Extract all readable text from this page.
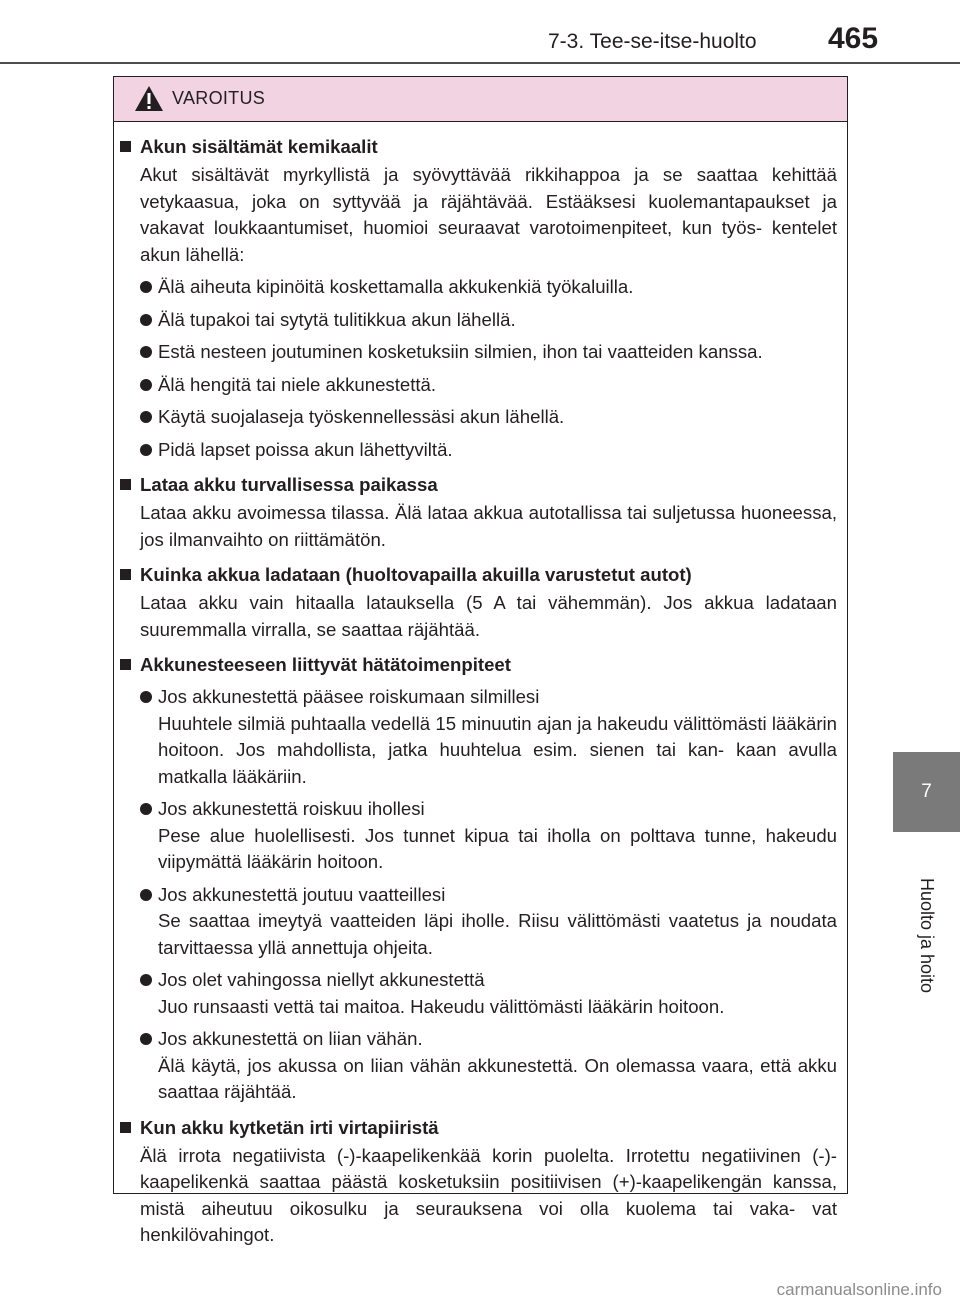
7-3. Tee-se-itse-huolto 465
7
Huolto ja hoito
VAROITUS
Akun sisältämät kemikaalit
Akut sisältävät myrkyllistä ja syövyttävää rikkihappoa ja se saattaa kehittää vetykaasua, joka on syttyvää ja räjähtävää. Estääksesi kuolemantapaukset ja vakavat loukkaantumiset, huomioi seuraavat varotoimenpiteet, kun työs- kentelet akun lähellä:
Älä aiheuta kipinöitä koskettamalla akkukenkiä työkaluilla.
Älä tupakoi tai sytytä tulitikkua akun lähellä.
Estä nesteen joutuminen kosketuksiin silmien, ihon tai vaatteiden kanssa.
Älä hengitä tai niele akkunestettä.
Käytä suojalaseja työskennellessäsi akun lähellä.
Pidä lapset poissa akun lähettyviltä.
Lataa akku turvallisessa paikassa
Lataa akku avoimessa tilassa. Älä lataa akkua autotallissa tai suljetussa huoneessa, jos ilmanvaihto on riittämätön.
Kuinka akkua ladataan (huoltovapailla akuilla varustetut autot)
Lataa akku vain hitaalla latauksella (5 A tai vähemmän). Jos akkua ladataan suuremmalla virralla, se saattaa räjähtää.
Akkunesteeseen liittyvät hätätoimenpiteet
Jos akkunestettä pääsee roiskumaan silmillesi
Huuhtele silmiä puhtaalla vedellä 15 minuutin ajan ja hakeudu välittömästi lääkärin hoitoon. Jos mahdollista, jatka huuhtelua esim. sienen tai kan- kaan avulla matkalla lääkäriin.
Jos akkunestettä roiskuu ihollesi
Pese alue huolellisesti. Jos tunnet kipua tai iholla on polttava tunne, hakeudu viipymättä lääkärin hoitoon.
Jos akkunestettä joutuu vaatteillesi
Se saattaa imeytyä vaatteiden läpi iholle. Riisu välittömästi vaatetus ja noudata tarvittaessa yllä annettuja ohjeita.
Jos olet vahingossa niellyt akkunestettä
Juo runsaasti vettä tai maitoa. Hakeudu välittömästi lääkärin hoitoon.
Jos akkunestettä on liian vähän.
Älä käytä, jos akussa on liian vähän akkunestettä. On olemassa vaara, että akku saattaa räjähtää.
Kun akku kytketän irti virtapiiristä
Älä irrota negatiivista (-)-kaapelikenkää korin puolelta. Irrotettu negatiivinen (-)-kaapelikenkä saattaa päästä kosketuksiin positiivisen (+)-kaapelikengän kanssa, mistä aiheutuu oikosulku ja seurauksena voi olla kuolema tai vaka- vat henkilövahingot.
carmanualsonline.info
